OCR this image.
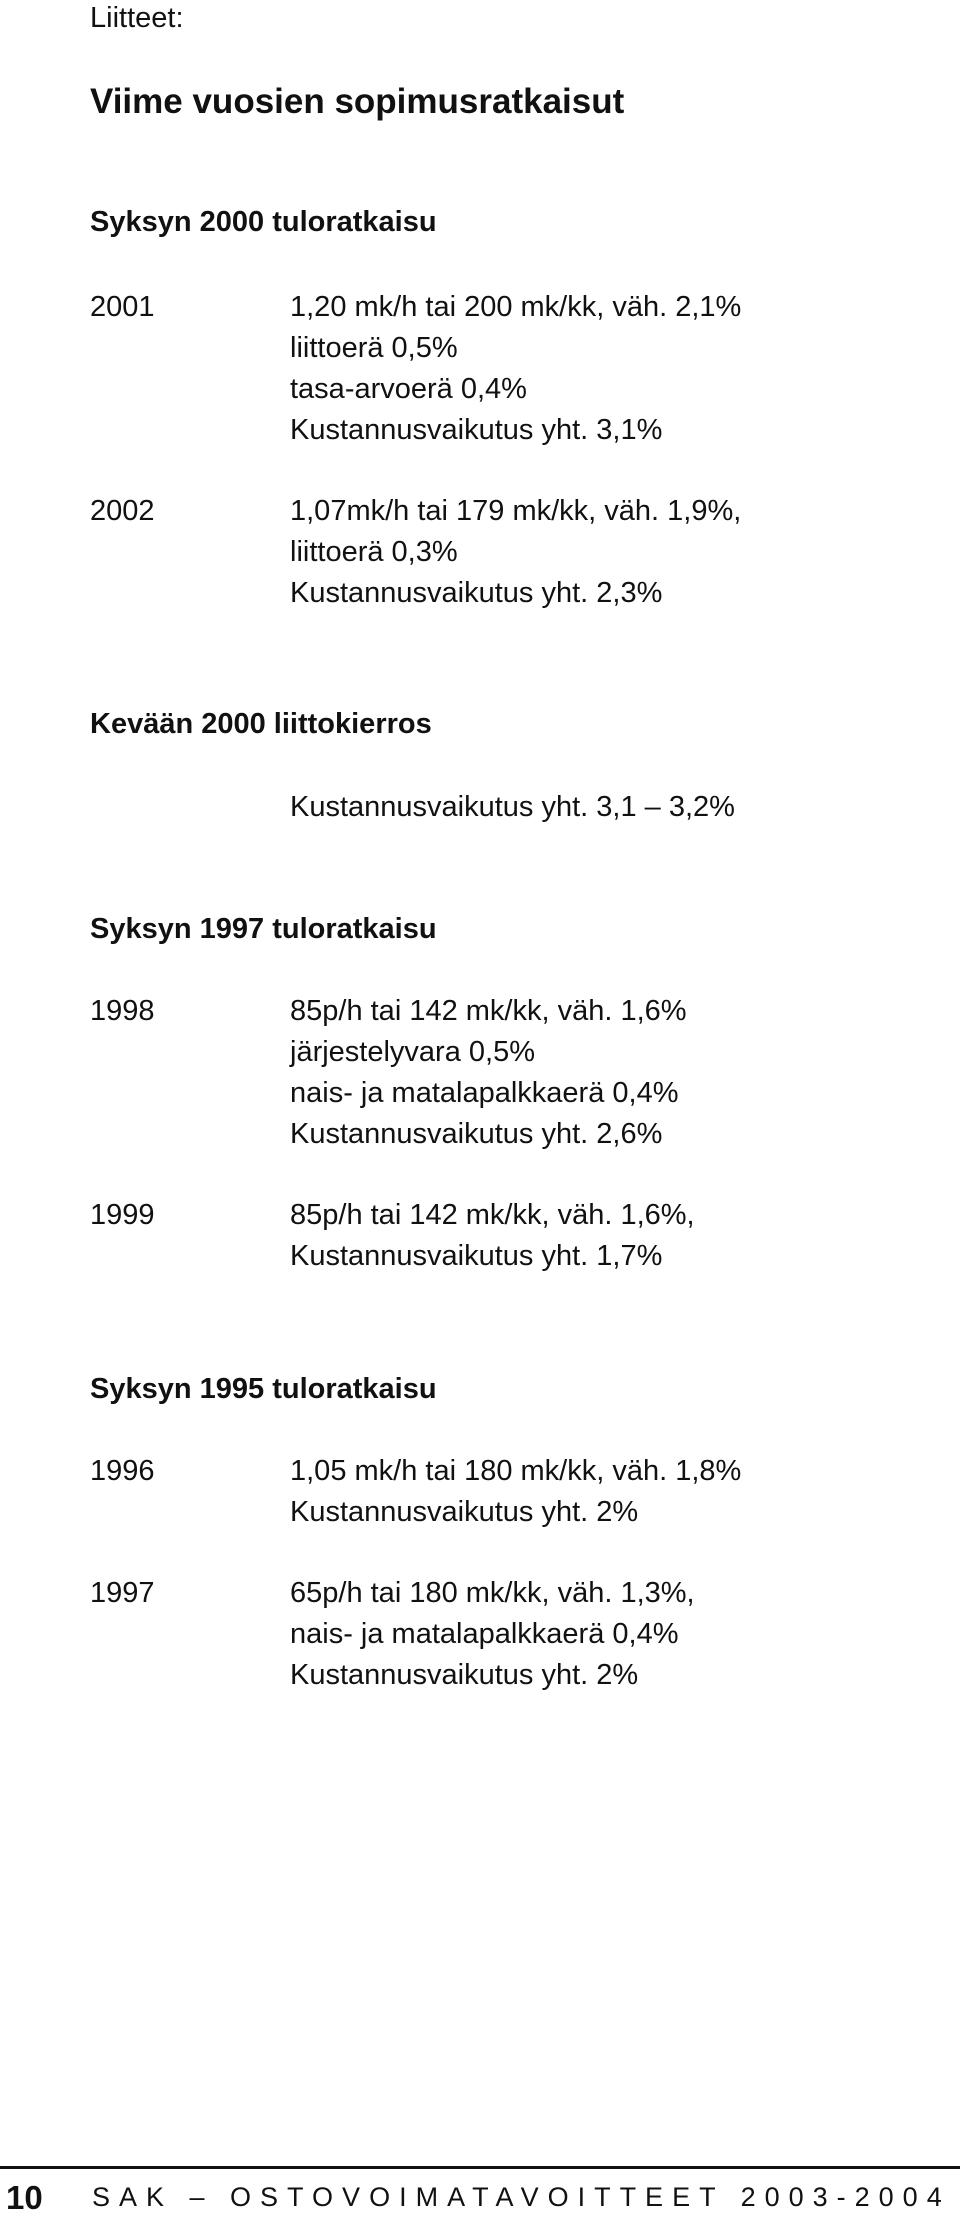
Liitteet:
Viime vuosien sopimusratkaisut
Syksyn 2000 tuloratkaisu
2001	1,20 mk/h tai 200 mk/kk, väh. 2,1%
liittoerä 0,5%
tasa-arvoerä 0,4%
Kustannusvaikutus yht. 3,1%
2002	1,07mk/h tai 179 mk/kk, väh. 1,9%,
liittoerä 0,3%
Kustannusvaikutus yht. 2,3%
Kevään 2000 liittokierros
Kustannusvaikutus yht. 3,1 – 3,2%
Syksyn 1997 tuloratkaisu
1998	85p/h tai 142 mk/kk, väh. 1,6%
järjestelyvara 0,5%
nais- ja matalapalkkaerä 0,4%
Kustannusvaikutus yht. 2,6%
1999	85p/h tai 142 mk/kk, väh. 1,6%,
Kustannusvaikutus yht. 1,7%
Syksyn 1995 tuloratkaisu
1996	1,05 mk/h tai 180 mk/kk, väh. 1,8%
Kustannusvaikutus yht. 2%
1997	65p/h tai 180 mk/kk, väh. 1,3%,
nais- ja matalapalkkaerä 0,4%
Kustannusvaikutus yht. 2%
10 SAK – OSTOVOIMATAVOITTEET 2003-2004
